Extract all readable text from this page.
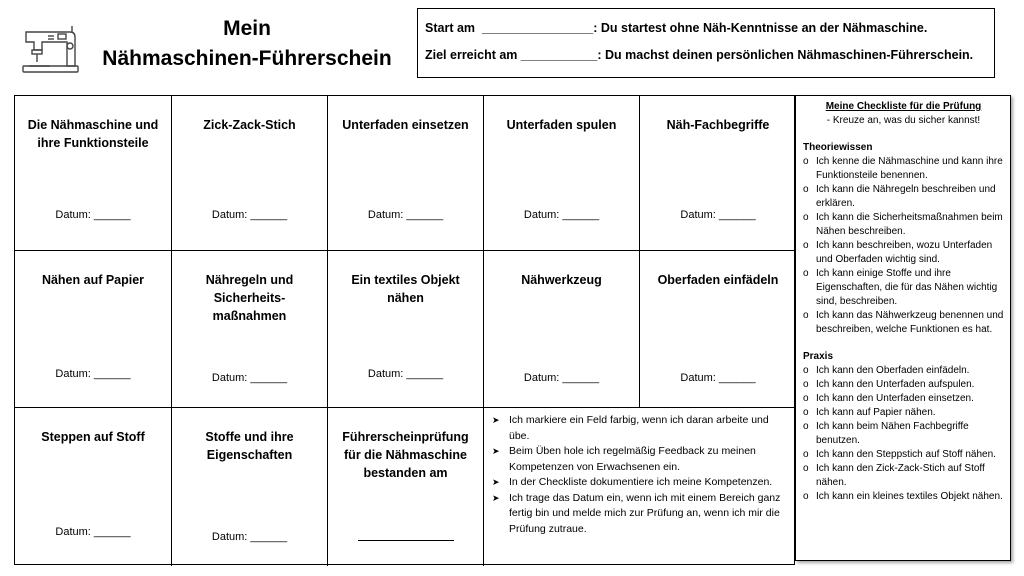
Mein
Nähmaschinen-Führerschein
Start am ________________: Du startest ohne Näh-Kenntnisse an der Nähmaschine.
Ziel erreicht am ___________: Du machst deinen persönlichen Nähmaschinen-Führerschein.
Die Nähmaschine und ihre Funktionsteile
Datum: ______
Zick-Zack-Stich
Datum: ______
Unterfaden einsetzen
Datum: ______
Unterfaden spulen
Datum: ______
Näh-Fachbegriffe
Datum: ______
Nähen auf Papier
Datum: ______
Nähregeln und Sicherheits-maßnahmen
Datum: ______
Ein textiles Objekt nähen
Datum: ______
Nähwerkzeug
Datum: ______
Oberfaden einfädeln
Datum: ______
Steppen auf Stoff
Datum: ______
Stoffe und ihre Eigenschaften
Datum: ______
Führerscheinprüfung für die Nähmaschine bestanden am
➤ Ich markiere ein Feld farbig, wenn ich daran arbeite und übe.
➤ Beim Üben hole ich regelmäßig Feedback zu meinen Kompetenzen von Erwachsenen ein.
➤ In der Checkliste dokumentiere ich meine Kompetenzen.
➤ Ich trage das Datum ein, wenn ich mit einem Bereich ganz fertig bin und melde mich zur Prüfung an, wenn ich mir die Prüfung zutraue.
Meine Checkliste für die Prüfung
- Kreuze an, was du sicher kannst!
Theoriewissen
o Ich kenne die Nähmaschine und kann ihre Funktionsteile benennen.
o Ich kann die Nähregeln beschreiben und erklären.
o Ich kann die Sicherheitsmaßnahmen beim Nähen beschreiben.
o Ich kann beschreiben, wozu Unterfaden und Oberfaden wichtig sind.
o Ich kann einige Stoffe und ihre Eigenschaften, die für das Nähen wichtig sind, beschreiben.
o Ich kann das Nähwerkzeug benennen und beschreiben, welche Funktionen es hat.
Praxis
o Ich kann den Oberfaden einfädeln.
o Ich kann den Unterfaden aufspulen.
o Ich kann den Unterfaden einsetzen.
o Ich kann auf Papier nähen.
o Ich kann beim Nähen Fachbegriffe benutzen.
o Ich kann den Steppstich auf Stoff nähen.
o Ich kann den Zick-Zack-Stich auf Stoff nähen.
o Ich kann ein kleines textiles Objekt nähen.
